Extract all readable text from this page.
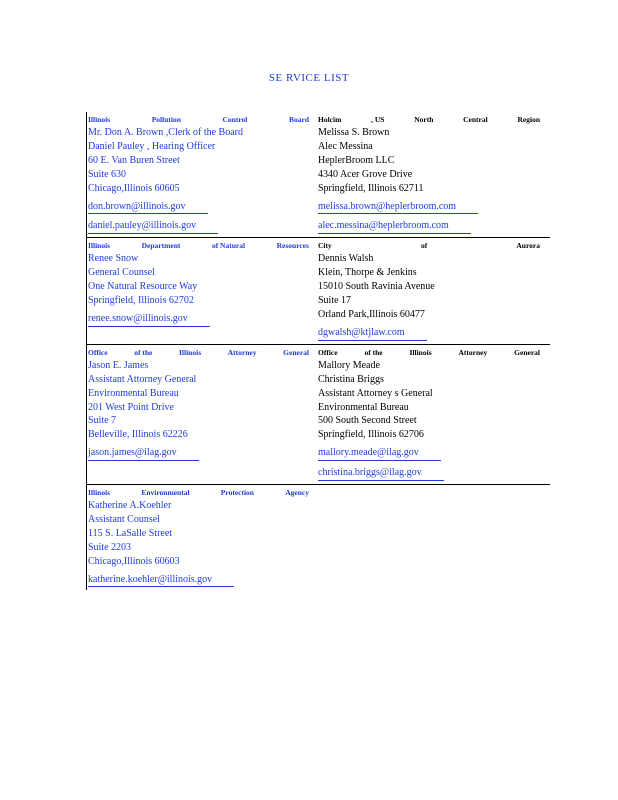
SE RVICE LIST
Illinois	Pollution	Control	Board
Mr. Don A. Brown ,Clerk of the Board
Daniel Pauley , Hearing Officer
60 E. Van Buren Street
Suite 630
Chicago,Illinois 60605
don.brown@illinois.gov
daniel.pauley@illinois.gov
Holcim	, US	North	Central	Region
Melissa S. Brown
Alec Messina
HeplerBroom LLC
4340 Acer Grove Drive
Springfield, Illinois 62711
melissa.brown@heplerbroom.com
alec.messina@heplerbroom.com
Illinois	Department	of Natural	Resources
Renee Snow
General Counsel
One Natural Resource Way
Springfield, Illinois 62702
renee.snow@illinois.gov
City	of	Aurora
Dennis Walsh
Klein, Thorpe & Jenkins
15010 South Ravinia Avenue
Suite 17
Orland Park,Illinois 60477
dgwalsh@ktjlaw.com
Office	of the	Illinois	Attorney	General
Jason E. James
Assistant Attorney General
Environmental Bureau
201 West Point Drive
Suite 7
Belleville, Illinois 62226
jason.james@ilag.gov
Office	of the	Illinois	Attorney	General
Mallory Meade
Christina Briggs
Assistant Attorney s General
Environmental Bureau
500 South Second Street
Springfield, Illinois 62706
mallory.meade@ilag.gov
christina.briggs@ilag.gov
Illinois	Environmental	Protection	Agency
Katherine A.Koehler
Assistant Counsel
115 S. LaSalle Street
Suite 2203
Chicago,Illinois 60603
katherine.koehler@illinois.gov
